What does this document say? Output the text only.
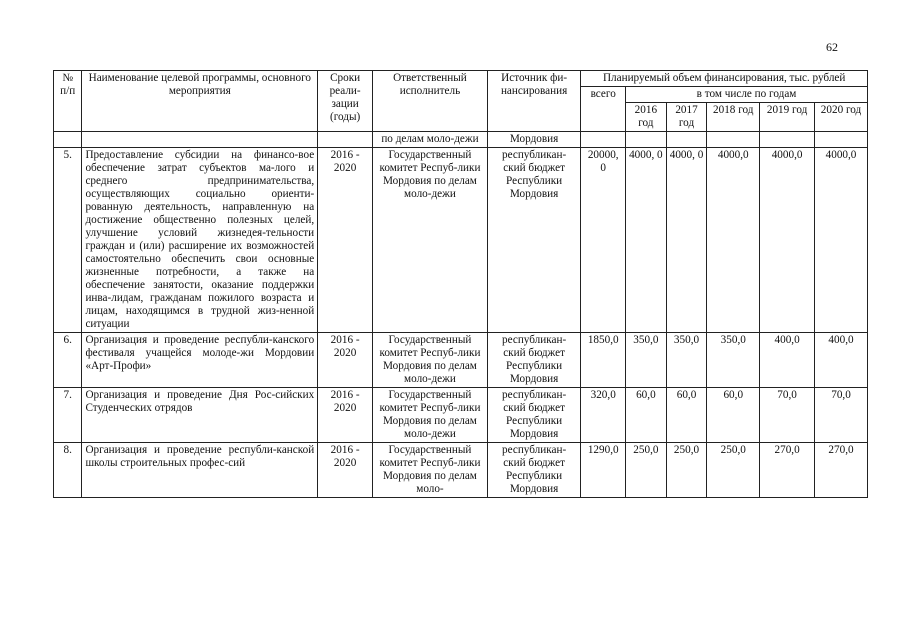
62
№ п/п	Наименование целевой программы, основного мероприятия	Сроки реали-зации (годы)	Ответственный исполнитель	Источник фи-нансирования	Планируемый объем финансирования, тыс. рублей					
					всего	в том числе по годам				
						2016 год	2017 год	2018 год	2019 год	2020 год
			по делам моло-дежи	Мордовия						
5.	Предоставление субсидии на финансо-вое обеспечение затрат субъектов ма-лого и среднего предпринимательства, осуществляющих социально ориенти-рованную деятельность, направленную на достижение общественно полезных целей, улучшение условий жизнедея-тельности граждан и (или) расширение их возможностей самостоятельно обеспечить свои основные жизненные потребности, а также на обеспечение занятости, оказание поддержки инва-лидам, гражданам пожилого возраста и лицам, находящимся в трудной жиз-ненной ситуации	2016 - 2020	Государственный комитет Респуб-лики Мордовия по делам моло-дежи	республикан-ский бюджет Республики Мордовия	20000, 0	4000, 0	4000, 0	4000,0	4000,0	4000,0
6.	Организация и проведение республи-канского фестиваля учащейся молоде-жи Мордовии «Арт-Профи»	2016 - 2020	Государственный комитет Респуб-лики Мордовия по делам моло-дежи	республикан-ский бюджет Республики Мордовия	1850,0	350,0	350,0	350,0	400,0	400,0
7.	Организация и проведение Дня Рос-сийских Студенческих отрядов	2016 - 2020	Государственный комитет Респуб-лики Мордовия по делам моло-дежи	республикан-ский бюджет Республики Мордовия	320,0	60,0	60,0	60,0	70,0	70,0
8.	Организация и проведение республи-канской школы строительных профес-сий	2016 - 2020	Государственный комитет Респуб-лики Мордовия по делам моло-	республикан-ский бюджет Республики Мордовия	1290,0	250,0	250,0	250,0	270,0	270,0
